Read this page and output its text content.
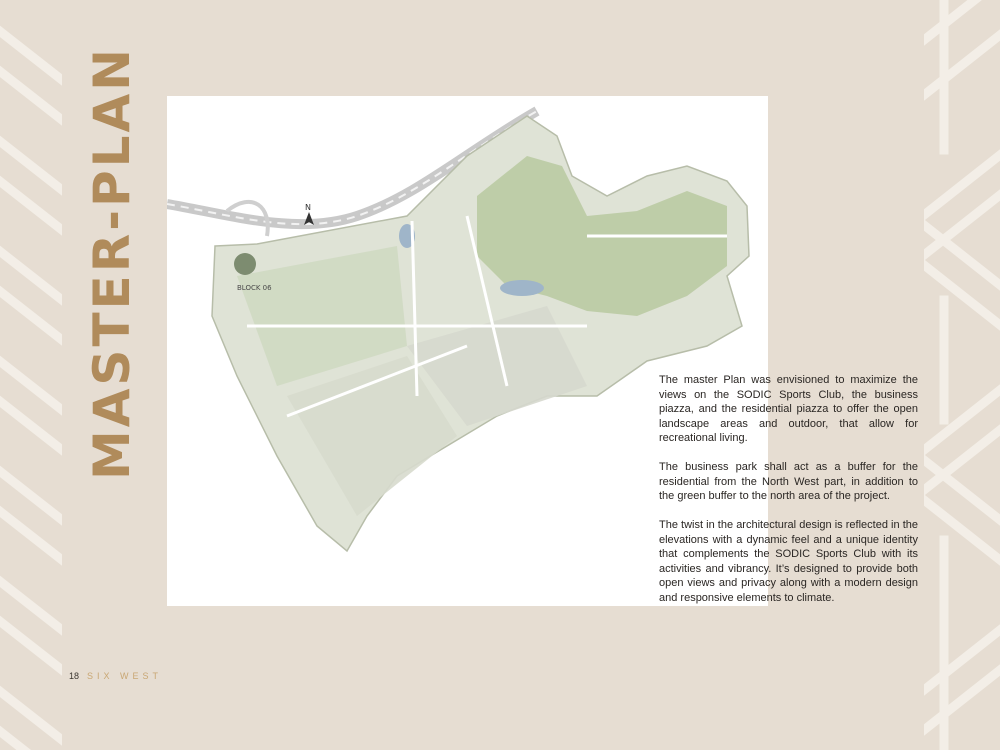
MASTER-PLAN	BLOCK 06
N

The master Plan was envisioned to maximize the views on the SODIC Sports Club, the business piazza, and the residential piazza to offer the open landscape areas and outdoor, that allow for recreational living.

The business park shall act as a buffer for the residential from the North West part, in addition to the green buffer to the north area of the project.

The twist in the architectural design is reflected in the elevations with a dynamic feel and a unique identity that complements the SODIC Sports Club with its activities and vibrancy. It’s designed to provide both open views and privacy along with a modern design and responsive elements to climate.

18 SIX WEST
